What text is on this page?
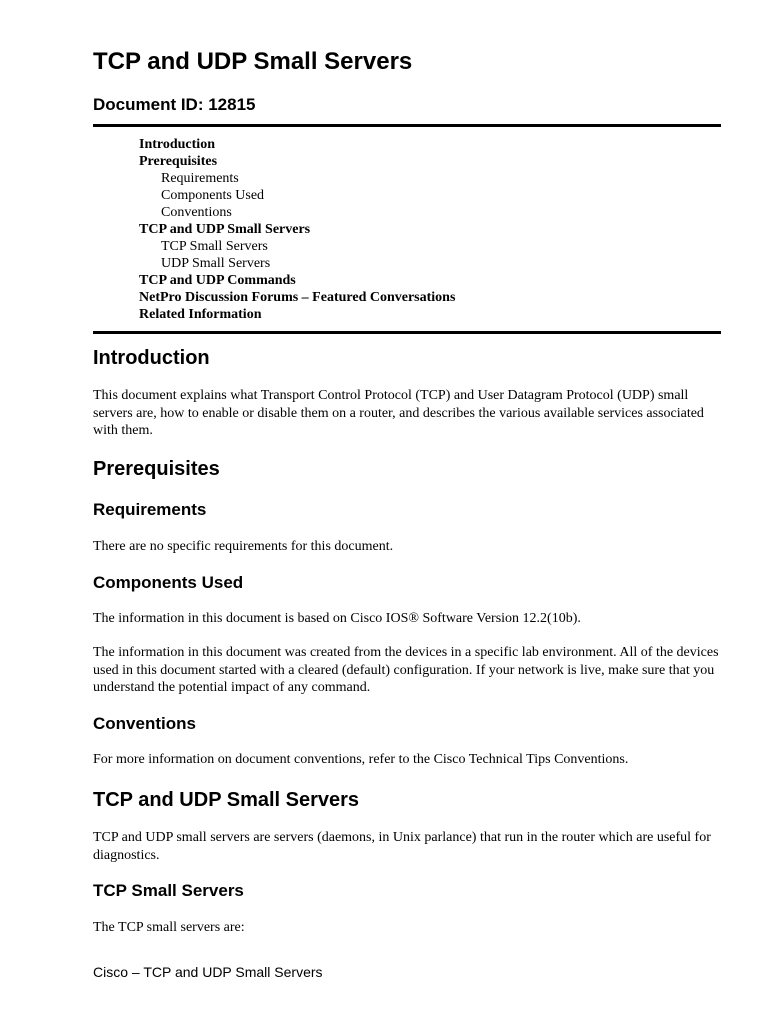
TCP and UDP Small Servers
Document ID: 12815
Introduction
Prerequisites
Requirements
Components Used
Conventions
TCP and UDP Small Servers
TCP Small Servers
UDP Small Servers
TCP and UDP Commands
NetPro Discussion Forums – Featured Conversations
Related Information
Introduction

This document explains what Transport Control Protocol (TCP) and User Datagram Protocol (UDP) small servers are, how to enable or disable them on a router, and describes the various available services associated with them.

Prerequisites
Requirements

There are no specific requirements for this document.

Components Used

The information in this document is based on Cisco IOS® Software Version 12.2(10b).

The information in this document was created from the devices in a specific lab environment. All of the devices used in this document started with a cleared (default) configuration. If your network is live, make sure that you understand the potential impact of any command.

Conventions

For more information on document conventions, refer to the Cisco Technical Tips Conventions.

TCP and UDP Small Servers

TCP and UDP small servers are servers (daemons, in Unix parlance) that run in the router which are useful for diagnostics.

TCP Small Servers

The TCP small servers are:

Cisco – TCP and UDP Small Servers
